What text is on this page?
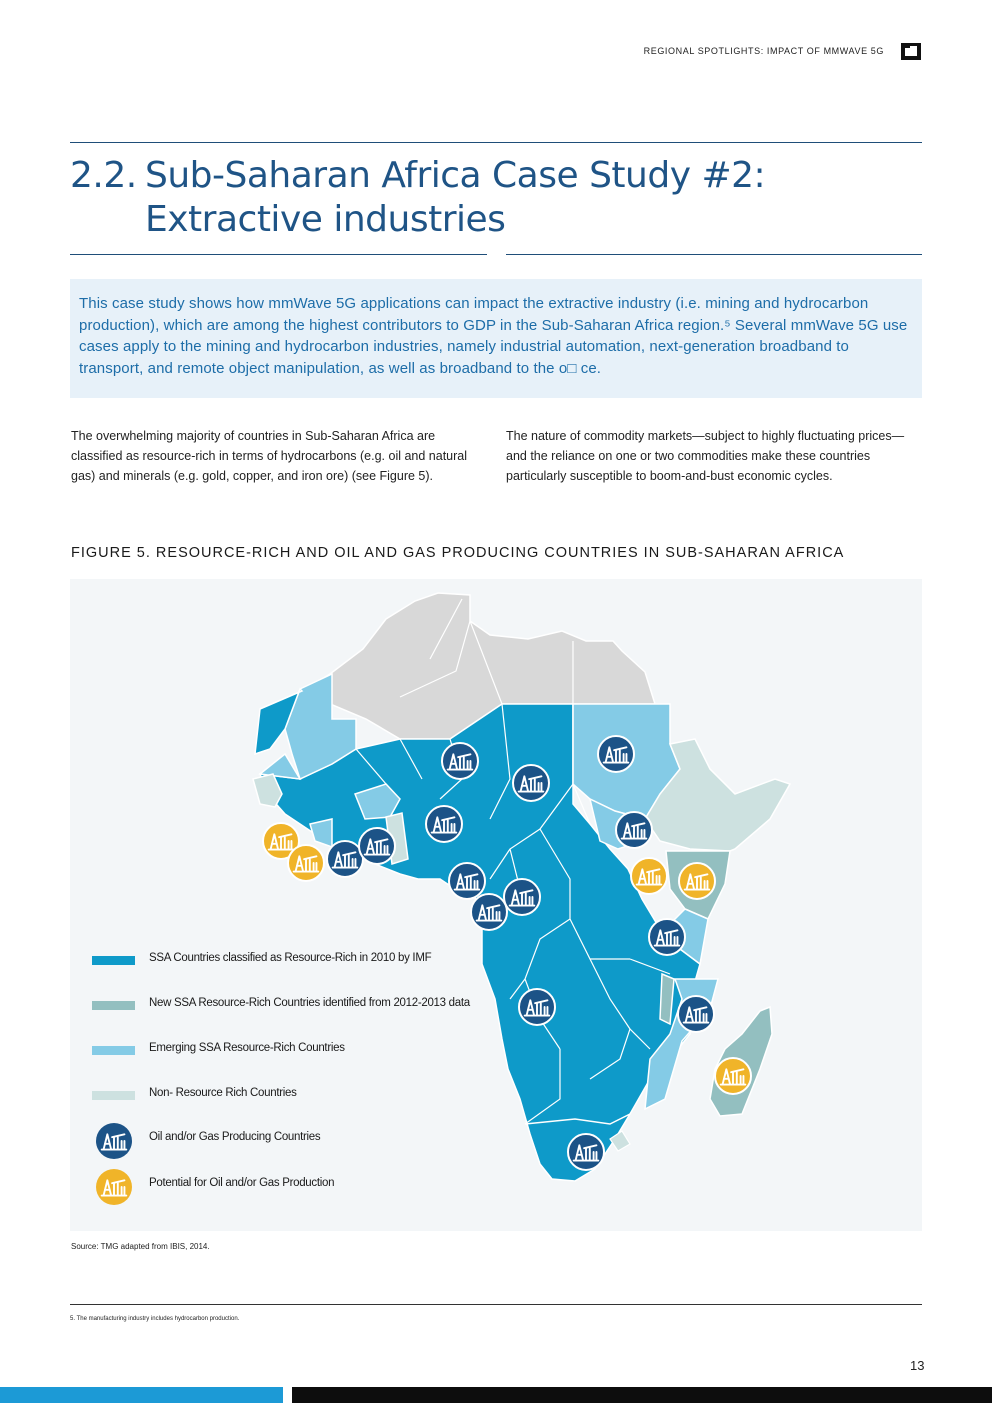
REGIONAL SPOTLIGHTS: IMPACT OF MMWAVE 5G
2.2. Sub-Saharan Africa Case Study #2:
Extractive industries
This case study shows how mmWave 5G applications can impact the extractive industry (i.e. mining and hydrocarbon production), which are among the highest contributors to GDP in the Sub-Saharan Africa region.⁵ Several mmWave 5G use cases apply to the mining and hydrocarbon industries, namely industrial automation, next-generation broadband to transport, and remote object manipulation, as well as broadband to the o□ ce.
The overwhelming majority of countries in Sub-Saharan Africa are classified as resource-rich in terms of hydrocarbons (e.g. oil and natural gas) and minerals (e.g. gold, copper, and iron ore) (see Figure 5).
The nature of commodity markets—subject to highly fluctuating prices—and the reliance on one or two commodities make these countries particularly susceptible to boom-and-bust economic cycles.
FIGURE 5. RESOURCE-RICH AND OIL AND GAS PRODUCING COUNTRIES IN SUB-SAHARAN AFRICA
SSA Countries classified as Resource-Rich in 2010 by IMF
New SSA Resource-Rich Countries identified from 2012-2013 data
Emerging SSA Resource-Rich Countries
Non- Resource Rich Countries
Oil and/or Gas Producing Countries
Potential for Oil and/or Gas Production
Source: TMG adapted from IBIS, 2014.
5. The manufacturing industry includes hydrocarbon production.
13
